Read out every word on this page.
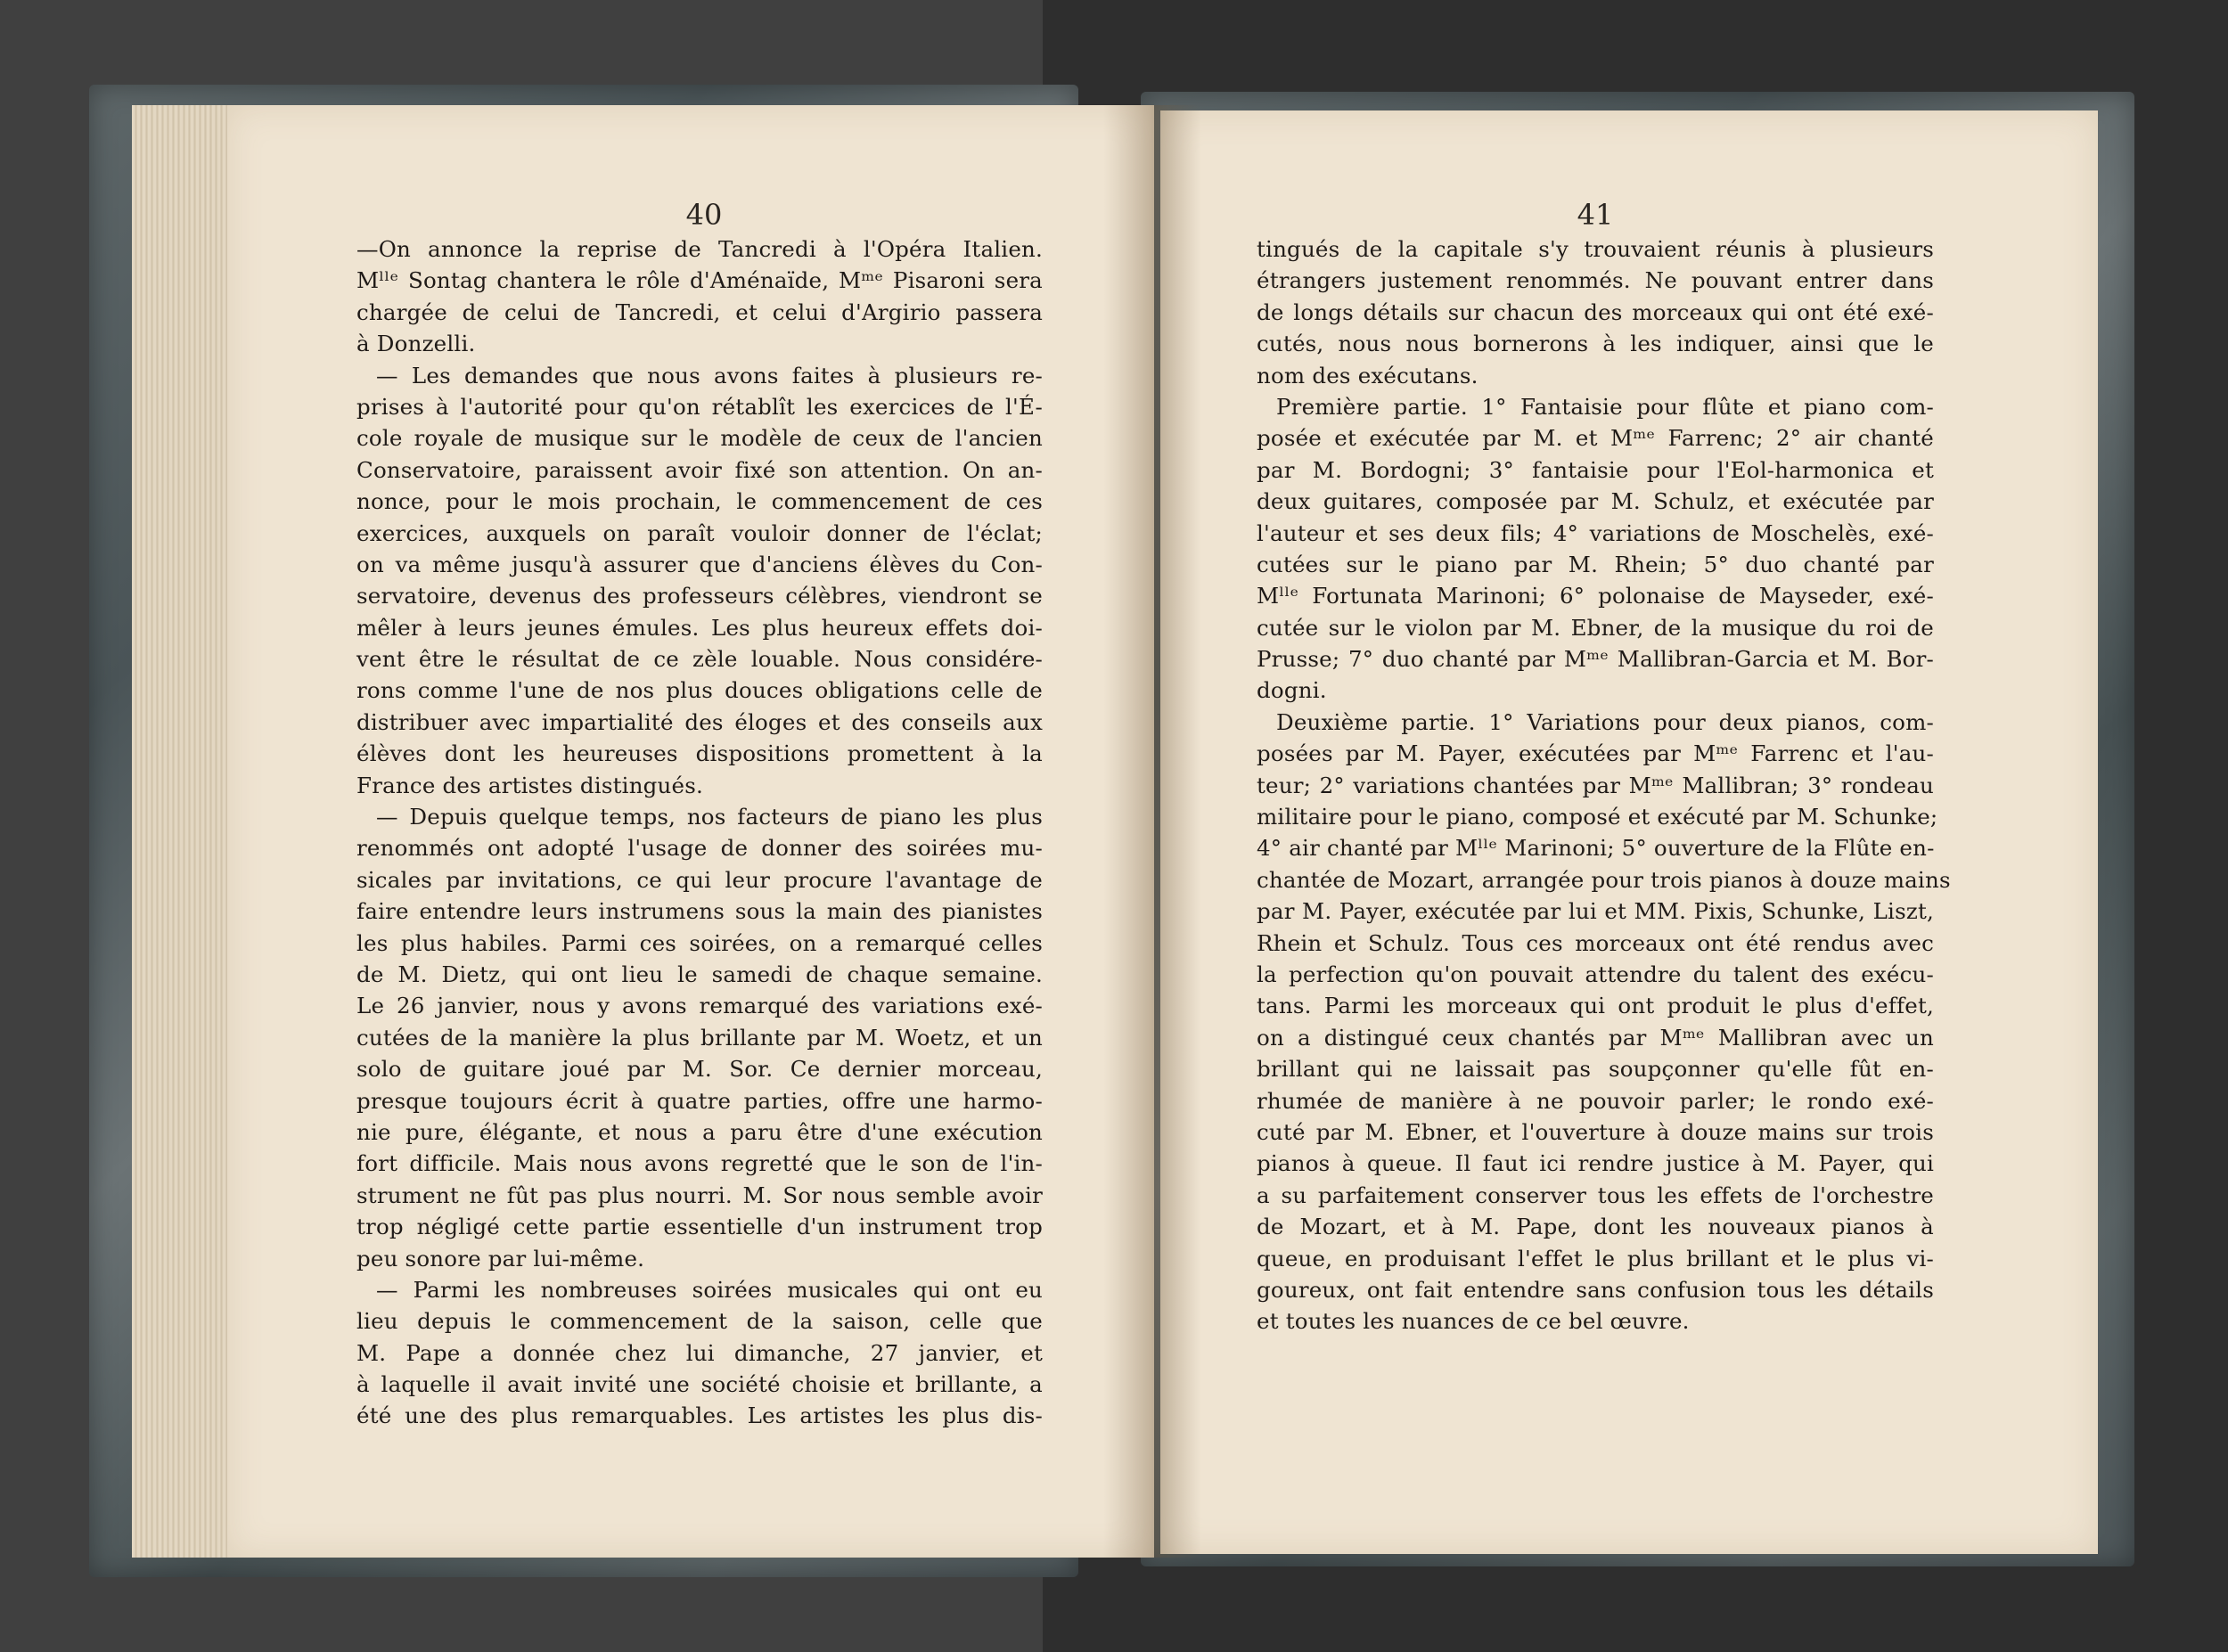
40	41
—On annonce la reprise de Tancredi à l'Opéra Italien.
Mˡˡᵉ Sontag chantera le rôle d'Aménaïde, Mᵐᵉ Pisaroni sera
chargée de celui de Tancredi, et celui d'Argirio passera
à Donzelli.
— Les demandes que nous avons faites à plusieurs re-
prises à l'autorité pour qu'on rétablît les exercices de l'É-
cole royale de musique sur le modèle de ceux de l'ancien
Conservatoire, paraissent avoir fixé son attention. On an-
nonce, pour le mois prochain, le commencement de ces
exercices, auxquels on paraît vouloir donner de l'éclat;
on va même jusqu'à assurer que d'anciens élèves du Con-
servatoire, devenus des professeurs célèbres, viendront se
mêler à leurs jeunes émules. Les plus heureux effets doi-
vent être le résultat de ce zèle louable. Nous considére-
rons comme l'une de nos plus douces obligations celle de
distribuer avec impartialité des éloges et des conseils aux
élèves dont les heureuses dispositions promettent à la
France des artistes distingués.
— Depuis quelque temps, nos facteurs de piano les plus
renommés ont adopté l'usage de donner des soirées mu-
sicales par invitations, ce qui leur procure l'avantage de
faire entendre leurs instrumens sous la main des pianistes
les plus habiles. Parmi ces soirées, on a remarqué celles
de M. Dietz, qui ont lieu le samedi de chaque semaine.
Le 26 janvier, nous y avons remarqué des variations exé-
cutées de la manière la plus brillante par M. Woetz, et un
solo de guitare joué par M. Sor. Ce dernier morceau,
presque toujours écrit à quatre parties, offre une harmo-
nie pure, élégante, et nous a paru être d'une exécution
fort difficile. Mais nous avons regretté que le son de l'in-
strument ne fût pas plus nourri. M. Sor nous semble avoir
trop négligé cette partie essentielle d'un instrument trop
peu sonore par lui-même.
— Parmi les nombreuses soirées musicales qui ont eu
lieu depuis le commencement de la saison, celle que
M. Pape a donnée chez lui dimanche, 27 janvier, et
à laquelle il avait invité une société choisie et brillante, a
été une des plus remarquables. Les artistes les plus dis-
tingués de la capitale s'y trouvaient réunis à plusieurs
étrangers justement renommés. Ne pouvant entrer dans
de longs détails sur chacun des morceaux qui ont été exé-
cutés, nous nous bornerons à les indiquer, ainsi que le
nom des exécutans.
Première partie. 1° Fantaisie pour flûte et piano com-
posée et exécutée par M. et Mᵐᵉ Farrenc; 2° air chanté
par M. Bordogni; 3° fantaisie pour l'Eol-harmonica et
deux guitares, composée par M. Schulz, et exécutée par
l'auteur et ses deux fils; 4° variations de Moschelès, exé-
cutées sur le piano par M. Rhein; 5° duo chanté par
Mˡˡᵉ Fortunata Marinoni; 6° polonaise de Mayseder, exé-
cutée sur le violon par M. Ebner, de la musique du roi de
Prusse; 7° duo chanté par Mᵐᵉ Mallibran-Garcia et M. Bor-
dogni.
Deuxième partie. 1° Variations pour deux pianos, com-
posées par M. Payer, exécutées par Mᵐᵉ Farrenc et l'au-
teur; 2° variations chantées par Mᵐᵉ Mallibran; 3° rondeau
militaire pour le piano, composé et exécuté par M. Schunke;
4° air chanté par Mˡˡᵉ Marinoni; 5° ouverture de la Flûte en-
chantée de Mozart, arrangée pour trois pianos à douze mains
par M. Payer, exécutée par lui et MM. Pixis, Schunke, Liszt,
Rhein et Schulz. Tous ces morceaux ont été rendus avec
la perfection qu'on pouvait attendre du talent des exécu-
tans. Parmi les morceaux qui ont produit le plus d'effet,
on a distingué ceux chantés par Mᵐᵉ Mallibran avec un
brillant qui ne laissait pas soupçonner qu'elle fût en-
rhumée de manière à ne pouvoir parler; le rondo exé-
cuté par M. Ebner, et l'ouverture à douze mains sur trois
pianos à queue. Il faut ici rendre justice à M. Payer, qui
a su parfaitement conserver tous les effets de l'orchestre
de Mozart, et à M. Pape, dont les nouveaux pianos à
queue, en produisant l'effet le plus brillant et le plus vi-
goureux, ont fait entendre sans confusion tous les détails
et toutes les nuances de ce bel œuvre.
